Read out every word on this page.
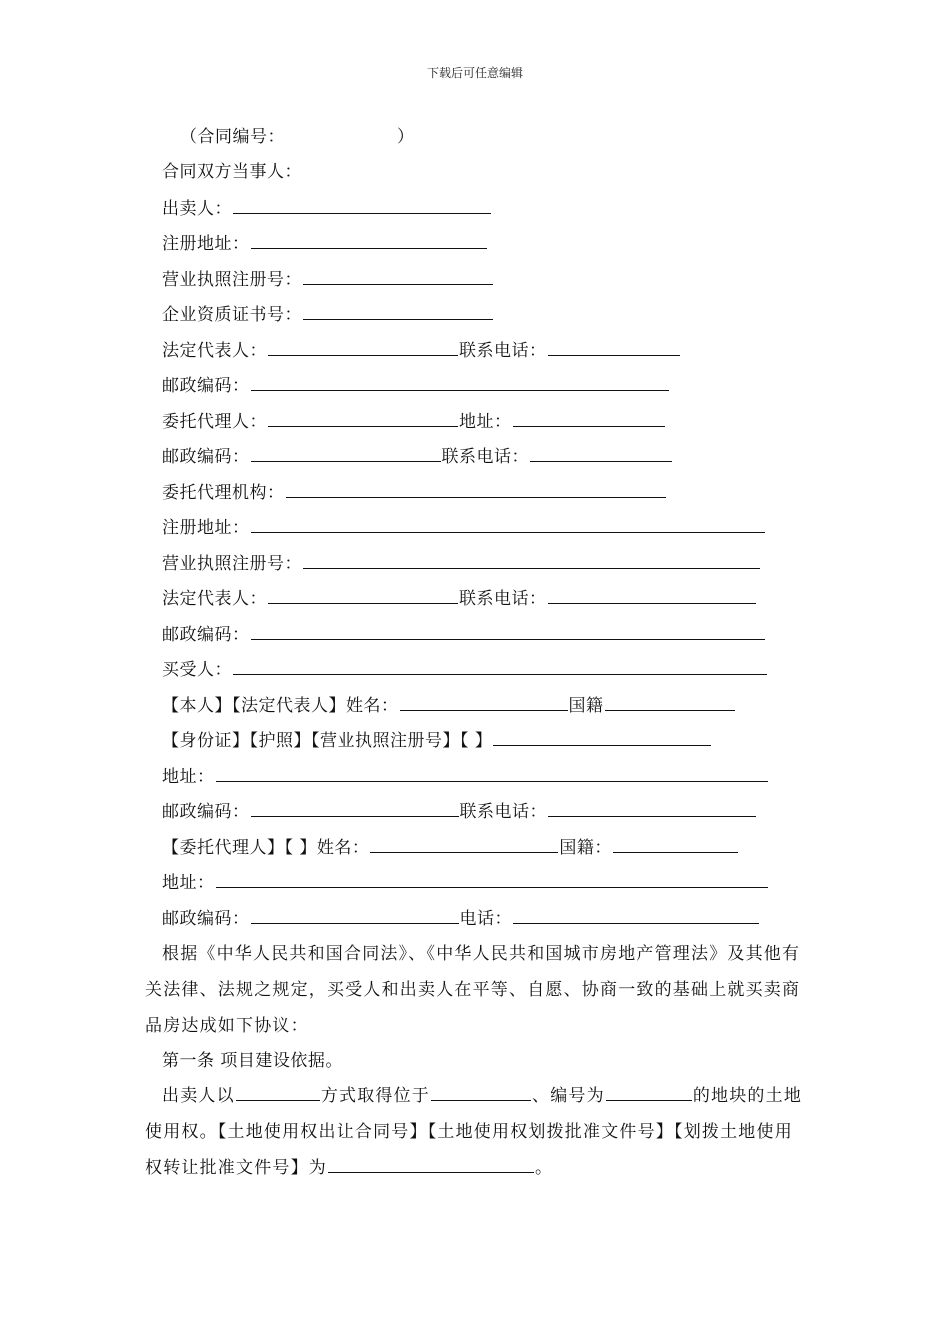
下载后可任意编辑
（合同编号：	）
合同双方当事人：
出卖人：
注册地址：
营业执照注册号：
企业资质证书号：
法定代表人：	联系电话：
邮政编码：
委托代理人：	地址：
邮政编码：	联系电话：
委托代理机构：
注册地址：
营业执照注册号：
法定代表人：	联系电话：
邮政编码：
买受人：
【本人】【法定代表人】姓名：	国籍
【身份证】【护照】【营业执照注册号】【 】
地址：
邮政编码：	联系电话：
【委托代理人】【 】姓名：	国籍：
地址：
邮政编码：	电话：
根据《中华人民共和国合同法》、《中华人民共和国城市房地产管理法》及其他有关法律、法规之规定，买受人和出卖人在平等、自愿、协商一致的基础上就买卖商品房达成如下协议：
第一条 项目建设依据。
出卖人以	方式取得位于	、编号为	的地块的土地使用权。【土地使用权出让合同号】【土地使用权划拨批准文件号】【划拨土地使用权转让批准文件号】为	。
